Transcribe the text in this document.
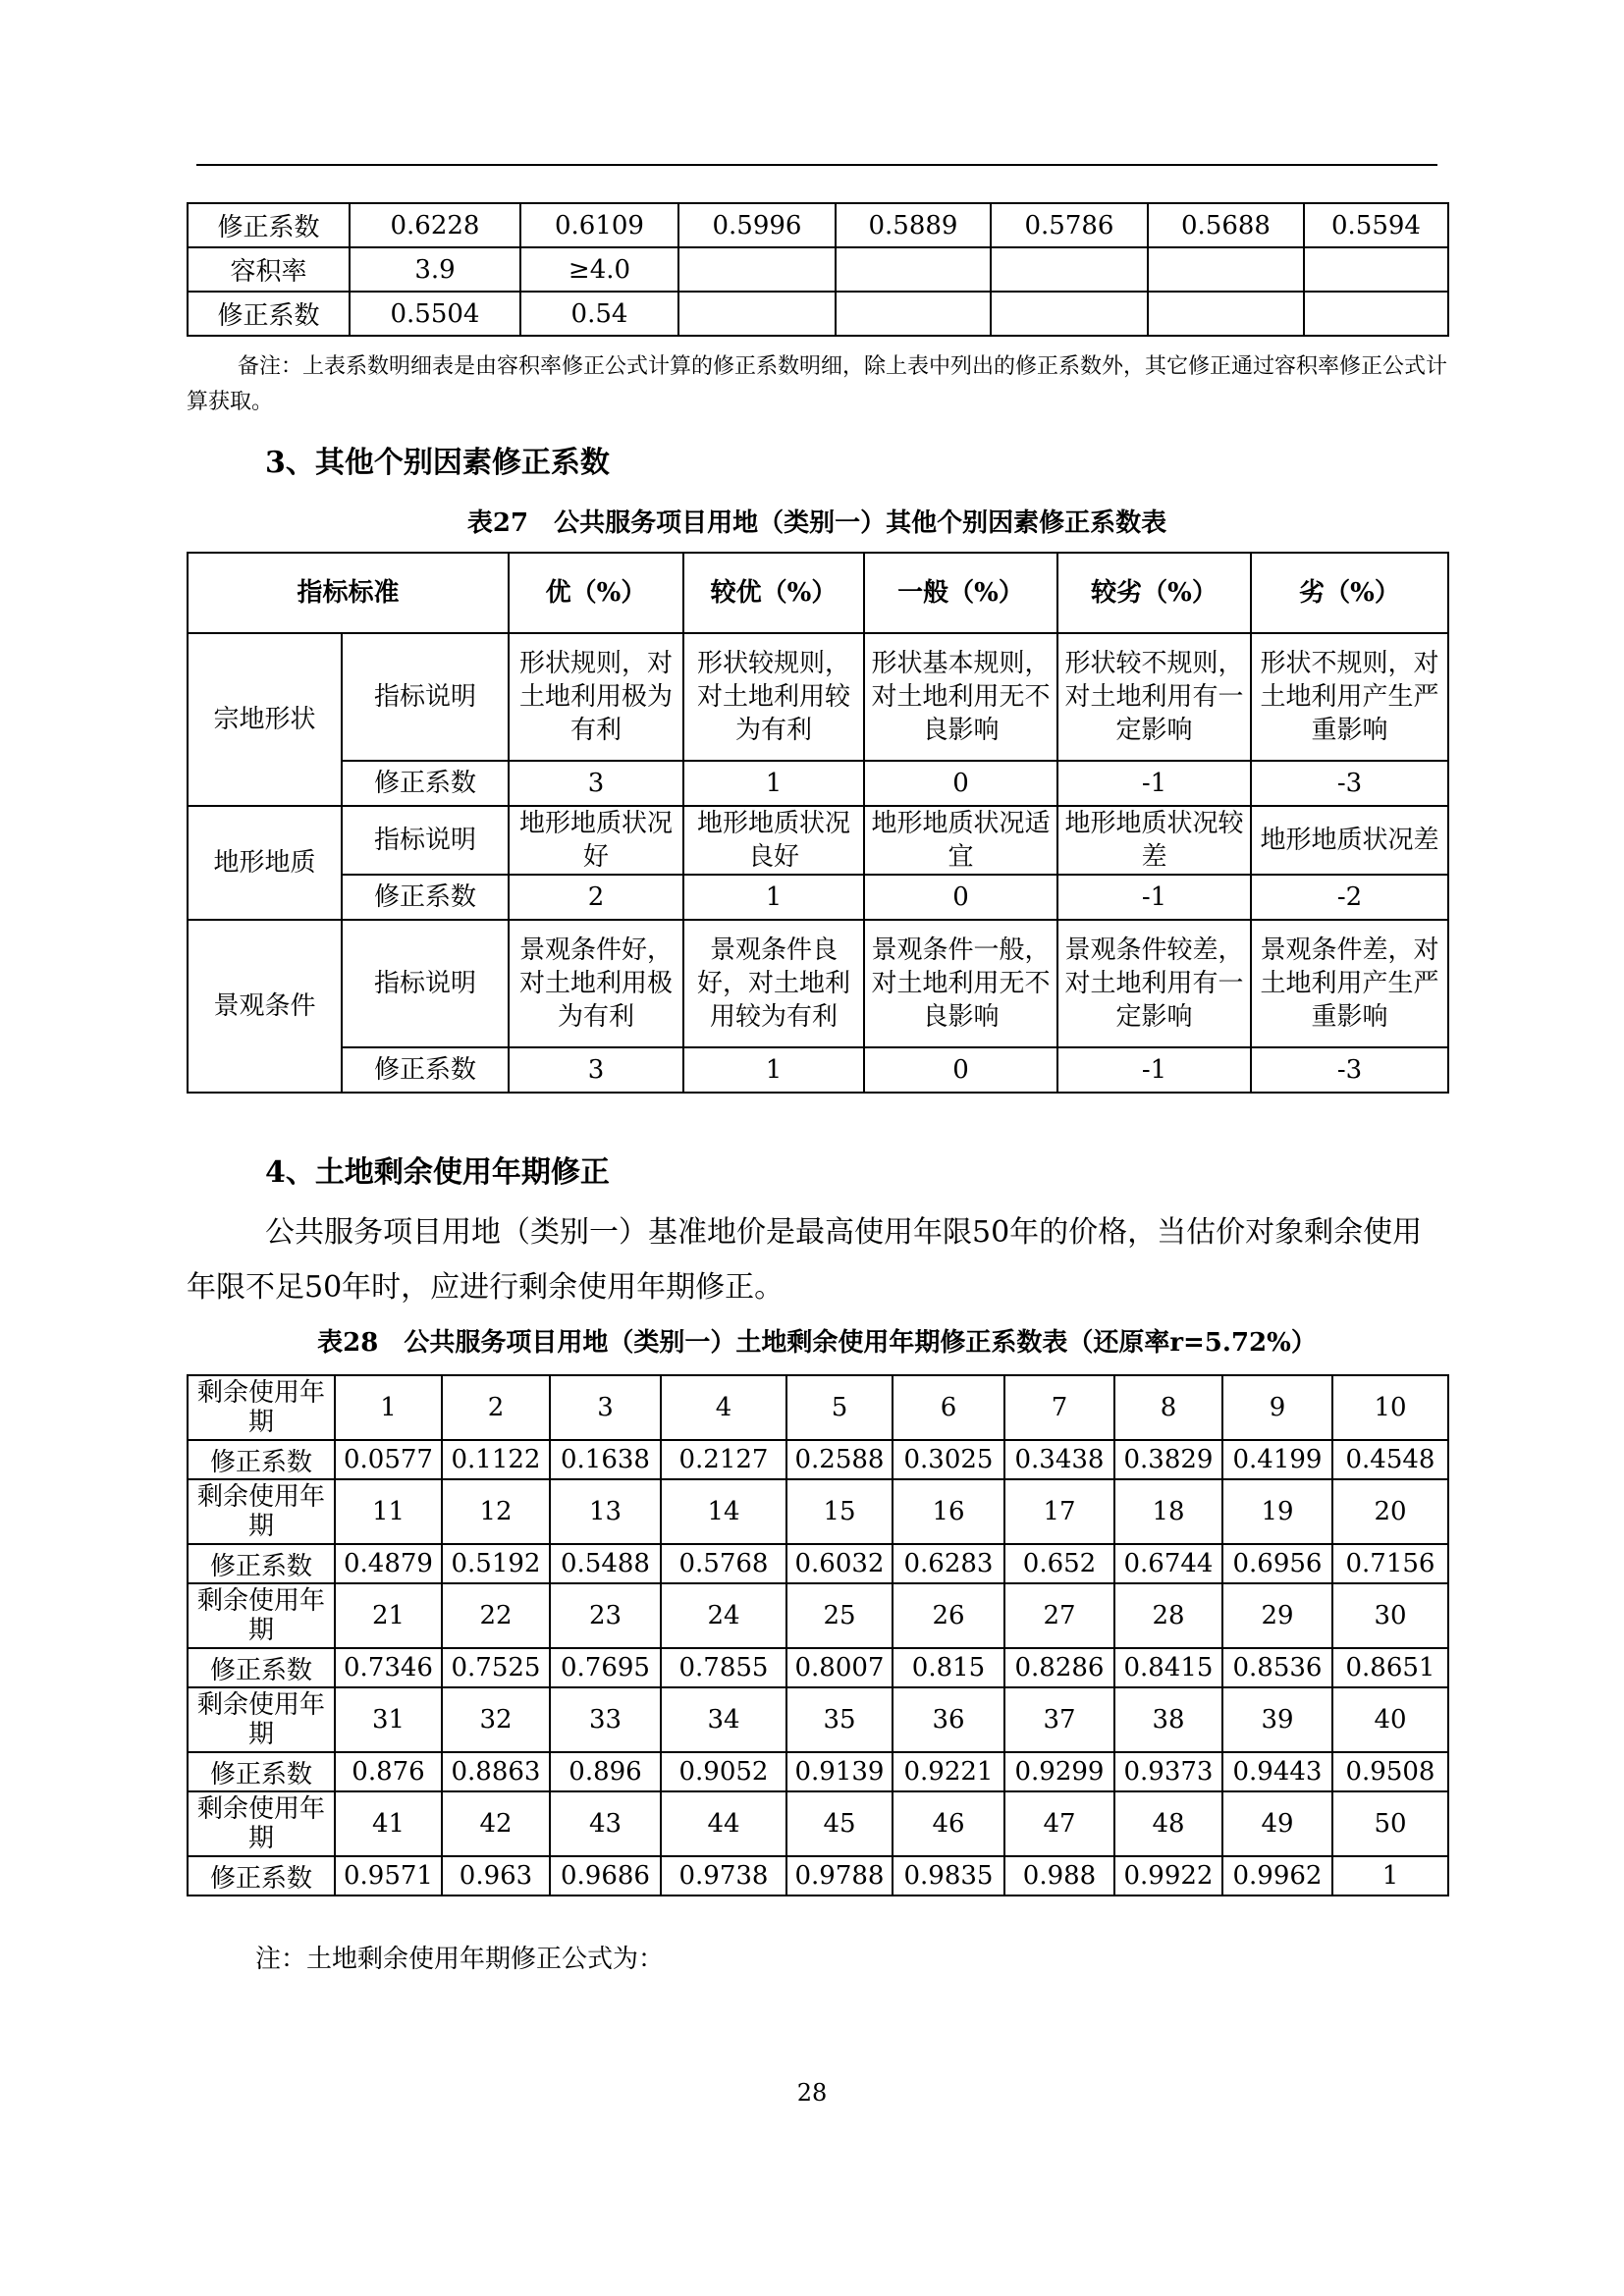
修正系数	0.6228	0.6109	0.5996	0.5889	0.5786	0.5688	0.5594
容积率	3.9	≥4.0					
修正系数	0.5504	0.54					
备注：上表系数明细表是由容积率修正公式计算的修正系数明细，除上表中列出的修正系数外，其它修正通过容积率修正公式计算获取。
3、其他个别因素修正系数
表27　公共服务项目用地（类别一）其他个别因素修正系数表
指标标准		优（%）	较优（%）	一般（%）	较劣（%）	劣（%）
宗地形状	指标说明	形状规则，对土地利用极为有利	形状较规则，对土地利用较为有利	形状基本规则，对土地利用无不良影响	形状较不规则，对土地利用有一定影响	形状不规则，对土地利用产生严重影响
	修正系数	3	1	0	-1	-3
地形地质	指标说明	地形地质状况好	地形地质状况良好	地形地质状况适宜	地形地质状况较差	地形地质状况差
	修正系数	2	1	0	-1	-2
景观条件	指标说明	景观条件好，对土地利用极为有利	景观条件良好，对土地利用较为有利	景观条件一般，对土地利用无不良影响	景观条件较差，对土地利用有一定影响	景观条件差，对土地利用产生严重影响
	修正系数	3	1	0	-1	-3
4、土地剩余使用年期修正
公共服务项目用地（类别一）基准地价是最高使用年限50年的价格，当估价对象剩余使用年限不足50年时，应进行剩余使用年期修正。
表28　公共服务项目用地（类别一）土地剩余使用年期修正系数表（还原率r=5.72%）
剩余使用年期	1	2	3	4	5	6	7	8	9	10
修正系数	0.0577	0.1122	0.1638	0.2127	0.2588	0.3025	0.3438	0.3829	0.4199	0.4548
剩余使用年期	11	12	13	14	15	16	17	18	19	20
修正系数	0.4879	0.5192	0.5488	0.5768	0.6032	0.6283	0.652	0.6744	0.6956	0.7156
剩余使用年期	21	22	23	24	25	26	27	28	29	30
修正系数	0.7346	0.7525	0.7695	0.7855	0.8007	0.815	0.8286	0.8415	0.8536	0.8651
剩余使用年期	31	32	33	34	35	36	37	38	39	40
修正系数	0.876	0.8863	0.896	0.9052	0.9139	0.9221	0.9299	0.9373	0.9443	0.9508
剩余使用年期	41	42	43	44	45	46	47	48	49	50
修正系数	0.9571	0.963	0.9686	0.9738	0.9788	0.9835	0.988	0.9922	0.9962	1
注：土地剩余使用年期修正公式为：
28
